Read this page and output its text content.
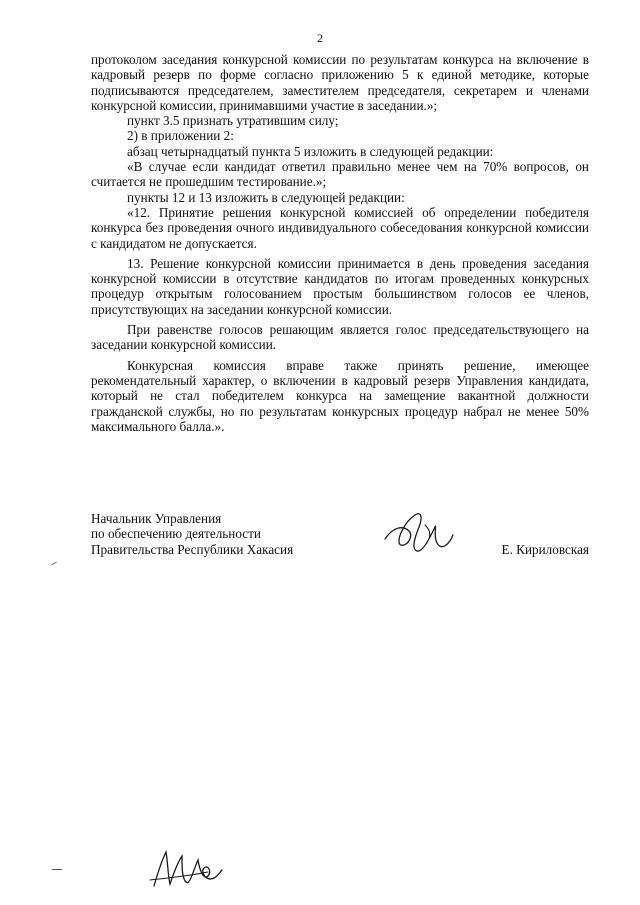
2

протоколом заседания конкурсной комиссии по результатам конкурса на включение в кадровый резерв по форме согласно приложению 5 к единой методике, которые подписываются председателем, заместителем председателя, секретарем и членами конкурсной комиссии, принимавшими участие в заседании.»;

пункт 3.5 признать утратившим силу;

2) в приложении 2:

абзац четырнадцатый пункта 5 изложить в следующей редакции:

«В случае если кандидат ответил правильно менее чем на 70% вопросов, он считается не прошедшим тестирование.»;

пункты 12 и 13 изложить в следующей редакции:

«12. Принятие решения конкурсной комиссией об определении победителя конкурса без проведения очного индивидуального собеседования конкурсной комиссии с кандидатом не допускается.

13. Решение конкурсной комиссии принимается в день проведения заседания конкурсной комиссии в отсутствие кандидатов по итогам проведенных конкурсных процедур открытым голосованием простым большинством голосов ее членов, присутствующих на заседании конкурсной комиссии.

При равенстве голосов решающим является голос председательствующего на заседании конкурсной комиссии.

Конкурсная комиссия вправе также принять решение, имеющее рекомендательный характер, о включении в кадровый резерв Управления кандидата, который не стал победителем конкурса на замещение вакантной должности гражданской службы, но по результатам конкурсных процедур набрал не менее 50% максимального балла.».

Начальник Управления
по обеспечению деятельности
Правительства Республики Хакасия	Е. Кириловская
